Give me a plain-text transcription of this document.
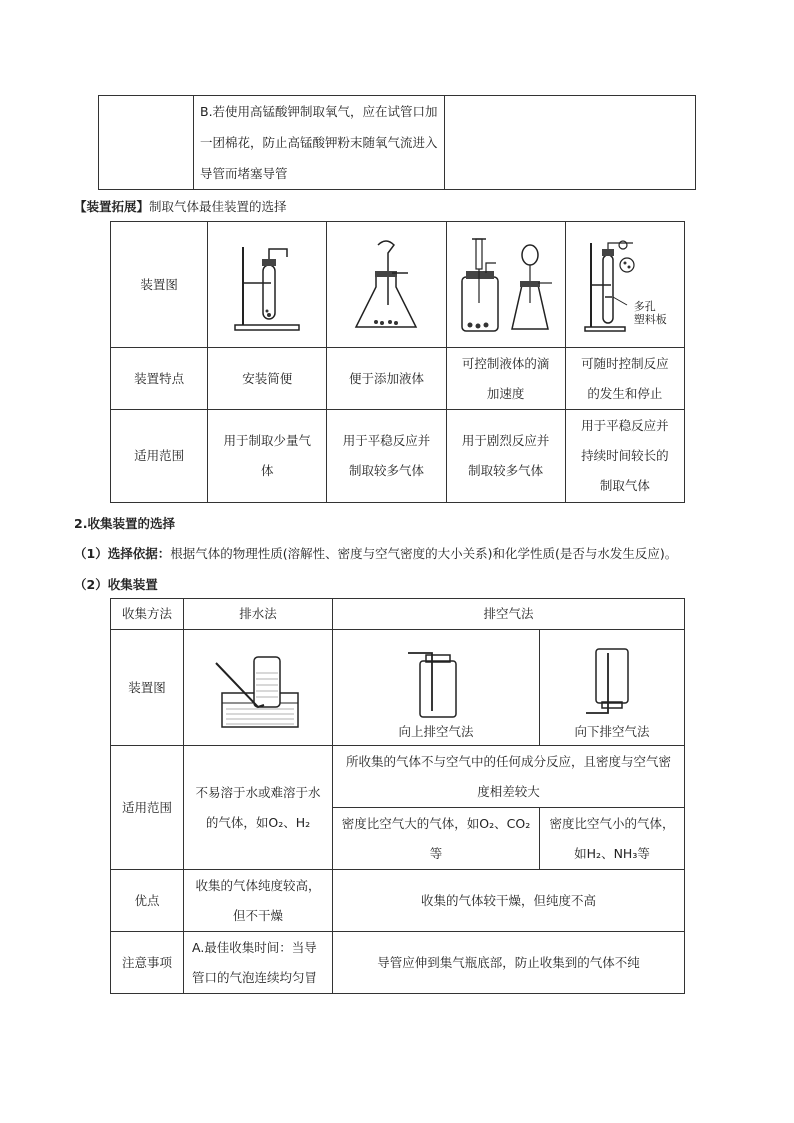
	B.若使用高锰酸钾制取氧气，应在试管口加一团棉花，防止高锰酸钾粉末随氧气流进入导管而堵塞导管	
【装置拓展】制取气体最佳装置的选择
装置图				多孔
塑料板

装置特点	安装简便	便于添加液体	可控制液体的滴加速度	可随时控制反应的发生和停止
适用范围	用于制取少量气体	用于平稳反应并制取较多气体	用于剧烈反应并制取较多气体	用于平稳反应并持续时间较长的制取气体
2.收集装置的选择
（1）选择依据：根据气体的物理性质(溶解性、密度与空气密度的大小关系)和化学性质(是否与水发生反应)。
（2）收集装置
收集方法	排水法	排空气法	
装置图		向上排空气法	向下排空气法

适用范围	不易溶于水或难溶于水的气体，如O₂、H₂	所收集的气体不与空气中的任何成分反应，且密度与空气密度相差较大	
		密度比空气大的气体，如O₂、CO₂等	密度比空气小的气体，如H₂、NH₃等
优点	收集的气体纯度较高，但不干燥	收集的气体较干燥，但纯度不高	
注意事项	A.最佳收集时间：当导管口的气泡连续均匀冒	导管应伸到集气瓶底部，防止收集到的气体不纯	
